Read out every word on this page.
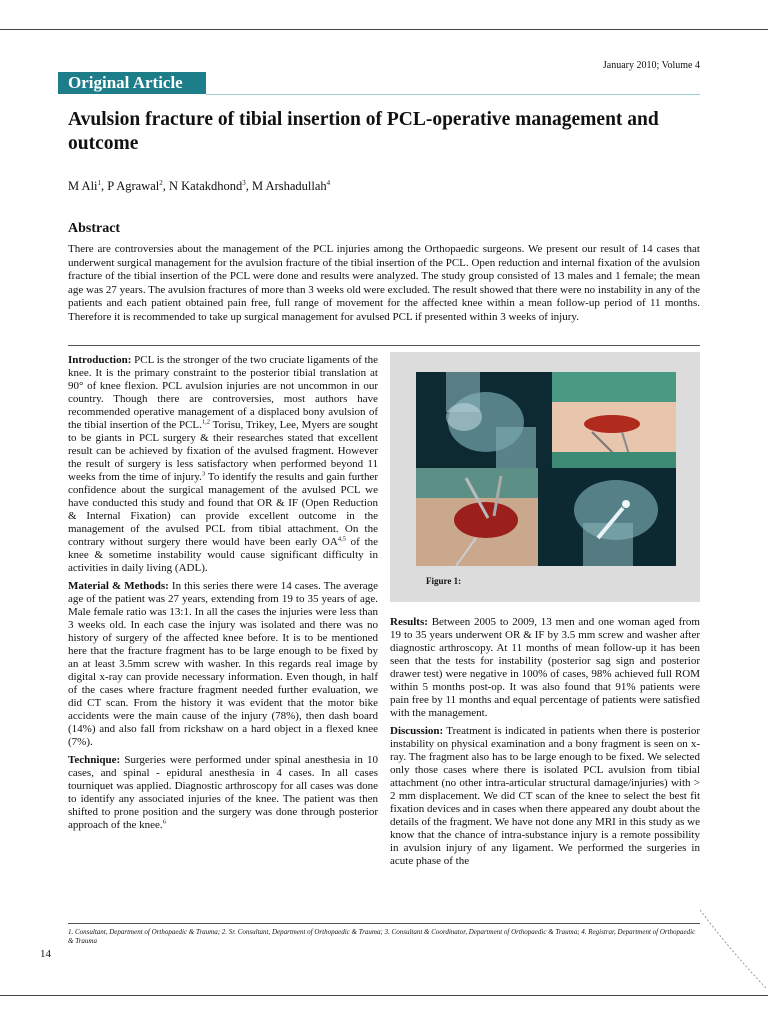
January 2010; Volume 4
Original Article
Avulsion fracture of tibial insertion of PCL-operative management and outcome
M Ali$^1$, P Agrawal$^2$, N Katakdhond$^3$, M Arshadullah$^4$
Abstract
There are controversies about the management of the PCL injuries among the Orthopaedic surgeons. We present our result of 14 cases that underwent surgical management for the avulsion fracture of the tibial insertion of the PCL. Open reduction and internal fixation of the avulsion fracture of the tibial insertion of the PCL were done and results were analyzed. The study group consisted of 13 males and 1 female; the mean age was 27 years. The avulsion fractures of more than 3 weeks old were excluded. The result showed that there were no instability in any of the patients and each patient obtained pain free, full range of movement for the affected knee within a mean follow-up period of 11 months. Therefore it is recommended to take up surgical management for avulsed PCL if presented within 3 weeks of injury.

Introduction: PCL is the stronger of the two cruciate ligaments of the knee. It is the primary constraint to the posterior tibial translation at 90° of knee flexion. PCL avulsion injuries are not uncommon in our country. Though there are controversies, most authors have recommended operative management of a displaced bony avulsion of the tibial insertion of the PCL.$^{1,2}$ Torisu, Trikey, Lee, Myers are sought to be giants in PCL surgery & their researches stated that excellent result can be achieved by fixation of the avulsed fragment. However the result of surgery is less satisfactory when performed beyond 11 weeks from the time of injury.$^3$ To identify the results and gain further confidence about the surgical management of the avulsed PCL we have conducted this study and found that OR & IF (Open Reduction & Internal Fixation) can provide excellent outcome in the management of the avulsed PCL from tibial attachment. On the contrary without surgery there would have been early OA$^{4,5}$ of the knee & sometime instability would cause significant difficulty in activities in daily living (ADL).

Material & Methods: In this series there were 14 cases. The average age of the patient was 27 years, extending from 19 to 35 years of age. Male female ratio was 13:1. In all the cases the injuries were less than 3 weeks old. In each case the injury was isolated and there was no history of surgery of the affected knee before. It is to be mentioned here that the fracture fragment has to be large enough to be fixed by an at least 3.5mm screw with washer. In this regards real image by digital x-ray can provide necessary information. Even though, in half of the cases where fracture fragment needed further evaluation, we did CT scan. From the history it was evident that the motor bike accidents were the main cause of the injury (78%), then dash board (14%) and also fall from rickshaw on a hard object in a flexed knee (7%).

Technique: Surgeries were performed under spinal anesthesia in 10 cases, and spinal - epidural anesthesia in 4 cases. In all cases tourniquet was applied. Diagnostic arthroscopy for all cases was done to identify any associated injuries of the knee. The patient was then shifted to prone position and the surgery was done through posterior approach of the knee.$^6$

Figure 1:

Results: Between 2005 to 2009, 13 men and one woman aged from 19 to 35 years underwent OR & IF by 3.5 mm screw and washer after diagnostic arthroscopy. At 11 months of mean follow-up it has been seen that the tests for instability (posterior sag sign and posterior drawer test) were negative in 100% of cases, 98% achieved full ROM within 5 months post-op. It was also found that 91% patients were pain free by 11 months and equal percentage of patients were satisfied with the management.

Discussion: Treatment is indicated in patients when there is posterior instability on physical examination and a bony fragment is seen on x-ray. The fragment also has to be large enough to be fixed. We selected only those cases where there is isolated PCL avulsion from tibial attachment (no other intra-articular structural damage/injuries) with > 2 mm displacement. We did CT scan of the knee to select the best fit fixation devices and in cases when there appeared any doubt about the details of the fragment. We have not done any MRI in this study as we know that the chance of intra-substance injury is a remote possibility in avulsion injury of any ligament. We performed the surgeries in acute phase of the

1. Consultant, Department of Orthopaedic & Trauma; 2. Sr. Consultant, Department of Orthopaedic & Trauma; 3. Consultant & Coordinator, Department of Orthopaedic & Trauma; 4. Registrar, Department of Orthopaedic & Trauma
14
